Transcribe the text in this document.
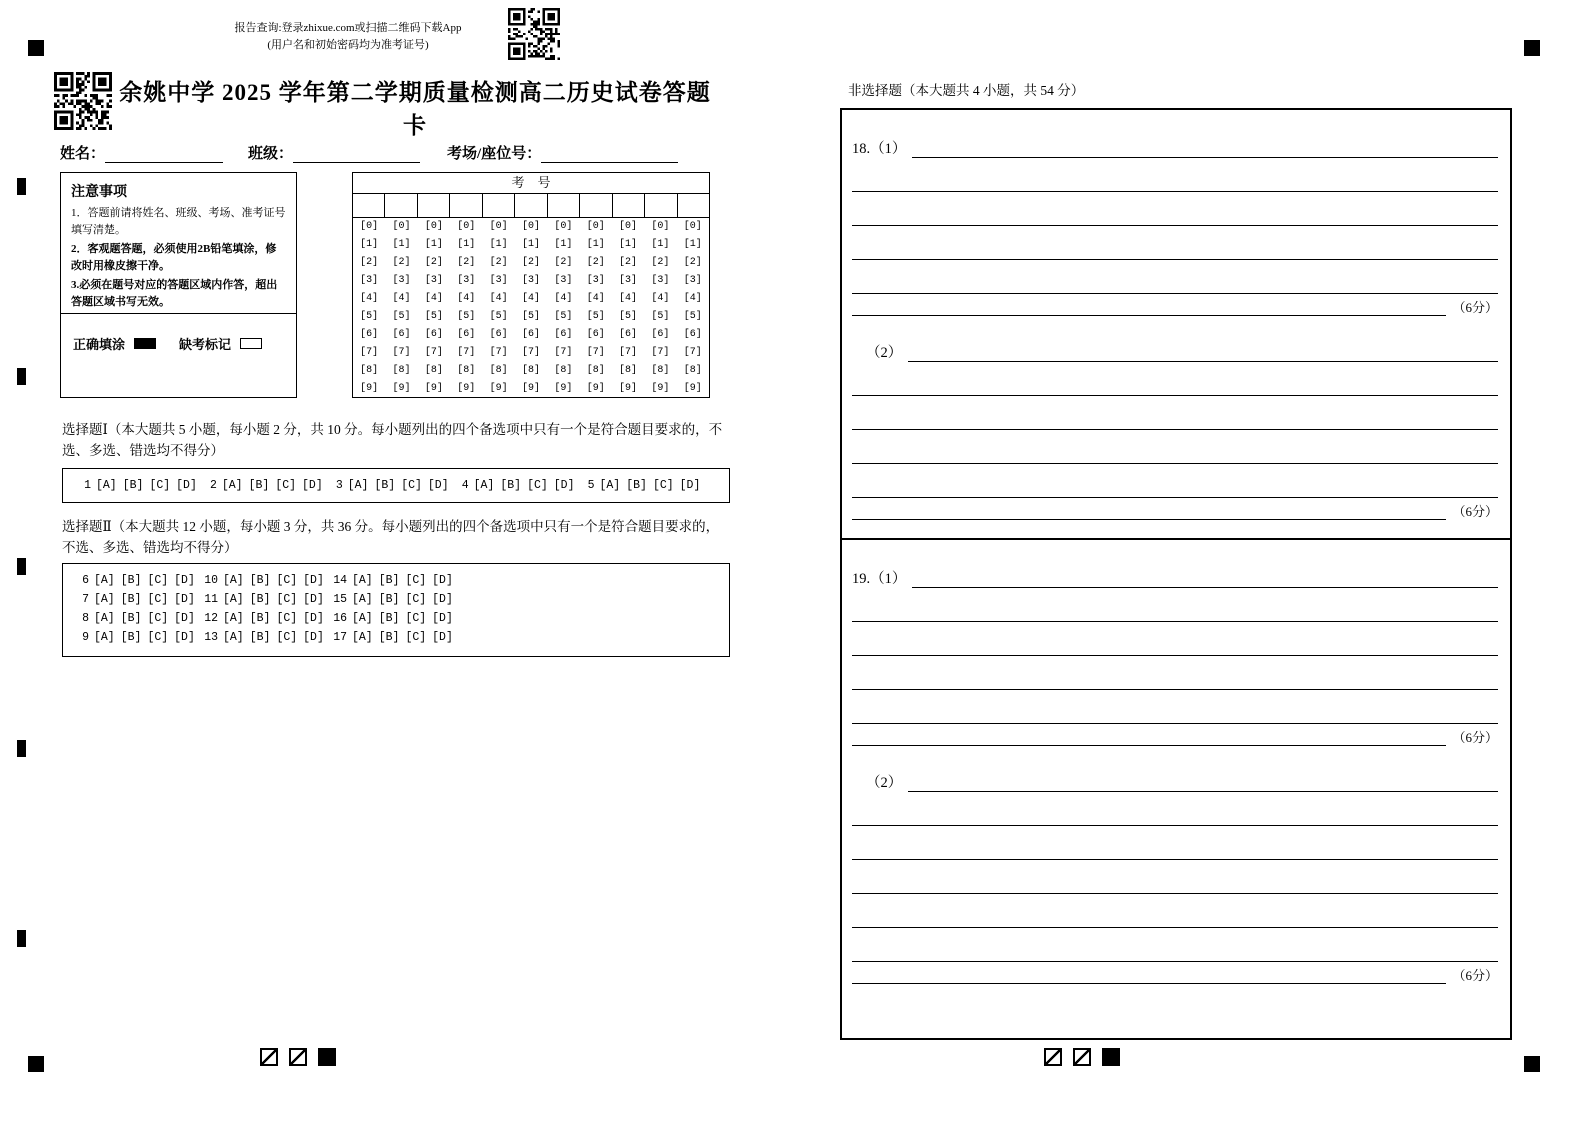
报告查询:登录zhixue.com或扫描二维码下载App
(用户名和初始密码均为准考证号)
余姚中学 2025 学年第二学期质量检测高二历史试卷答题卡
姓名：	班级：	考场/座位号：
注意事项
1．答题前请将姓名、班级、考场、准考证号填写清楚。
2．客观题答题，必须使用2B铅笔填涂，修改时用橡皮擦干净。
3.必须在题号对应的答题区域内作答，超出答题区域书写无效。
正确填涂	缺考标记
考　号
[0]	[0]	[0]	[0]	[0]	[0]	[0]	[0]	[0]	[0]	[0]
[1]	[1]	[1]	[1]	[1]	[1]	[1]	[1]	[1]	[1]	[1]
[2]	[2]	[2]	[2]	[2]	[2]	[2]	[2]	[2]	[2]	[2]
[3]	[3]	[3]	[3]	[3]	[3]	[3]	[3]	[3]	[3]	[3]
[4]	[4]	[4]	[4]	[4]	[4]	[4]	[4]	[4]	[4]	[4]
[5]	[5]	[5]	[5]	[5]	[5]	[5]	[5]	[5]	[5]	[5]
[6]	[6]	[6]	[6]	[6]	[6]	[6]	[6]	[6]	[6]	[6]
[7]	[7]	[7]	[7]	[7]	[7]	[7]	[7]	[7]	[7]	[7]
[8]	[8]	[8]	[8]	[8]	[8]	[8]	[8]	[8]	[8]	[8]
[9]	[9]	[9]	[9]	[9]	[9]	[9]	[9]	[9]	[9]	[9]
选择题Ⅰ（本大题共 5 小题，每小题 2 分，共 10 分。每小题列出的四个备选项中只有一个是符合题目要求的，不选、多选、错选均不得分）
1 [A] [B] [C] [D]	2 [A] [B] [C] [D]	3 [A] [B] [C] [D]	4 [A] [B] [C] [D]	5 [A] [B] [C] [D]
选择题Ⅱ（本大题共 12 小题，每小题 3 分，共 36 分。每小题列出的四个备选项中只有一个是符合题目要求的，不选、多选、错选均不得分）
6 [A] [B] [C] [D] 10 [A] [B] [C] [D] 14 [A] [B] [C] [D]
7 [A] [B] [C] [D] 11 [A] [B] [C] [D] 15 [A] [B] [C] [D]
8 [A] [B] [C] [D] 12 [A] [B] [C] [D] 16 [A] [B] [C] [D]
9 [A] [B] [C] [D] 13 [A] [B] [C] [D] 17 [A] [B] [C] [D]
非选择题（本大题共 4 小题，共 54 分）
18.（1）
（6分）
（2）
（6分）
19.（1）
（6分）
（2）
（6分）
